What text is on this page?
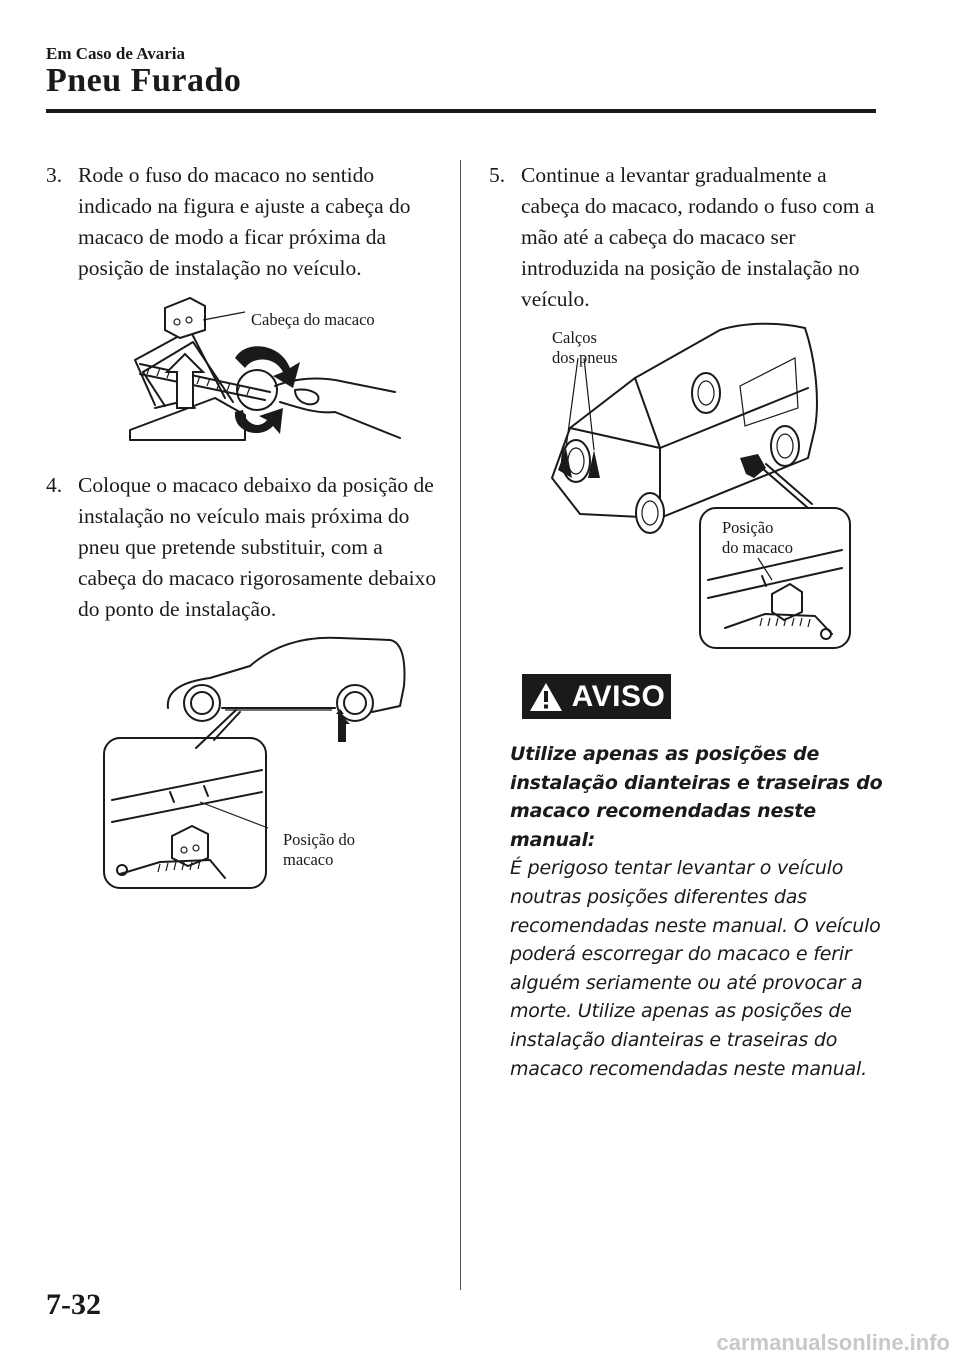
Em Caso de Avaria
Pneu Furado
3. Rode o fuso do macaco no sentido indicado na figura e ajuste a cabeça do macaco de modo a ficar próxima da posição de instalação no veículo.
Cabeça do macaco
4. Coloque o macaco debaixo da posição de instalação no veículo mais próxima do pneu que pretende substituir, com a cabeça do macaco rigorosamente debaixo do ponto de instalação.
Posição do
macaco
5. Continue a levantar gradualmente a cabeça do macaco, rodando o fuso com a mão até a cabeça do macaco ser introduzida na posição de instalação no veículo.
Calços
dos pneus
Posição
do macaco
AVISO
Utilize apenas as posições de instalação dianteiras e traseiras do macaco recomendadas neste manual:
É perigoso tentar levantar o veículo noutras posições diferentes das recomendadas neste manual. O veículo poderá escorregar do macaco e ferir alguém seriamente ou até provocar a morte. Utilize apenas as posições de instalação dianteiras e traseiras do macaco recomendadas neste manual.
7-32
carmanualsonline.info
